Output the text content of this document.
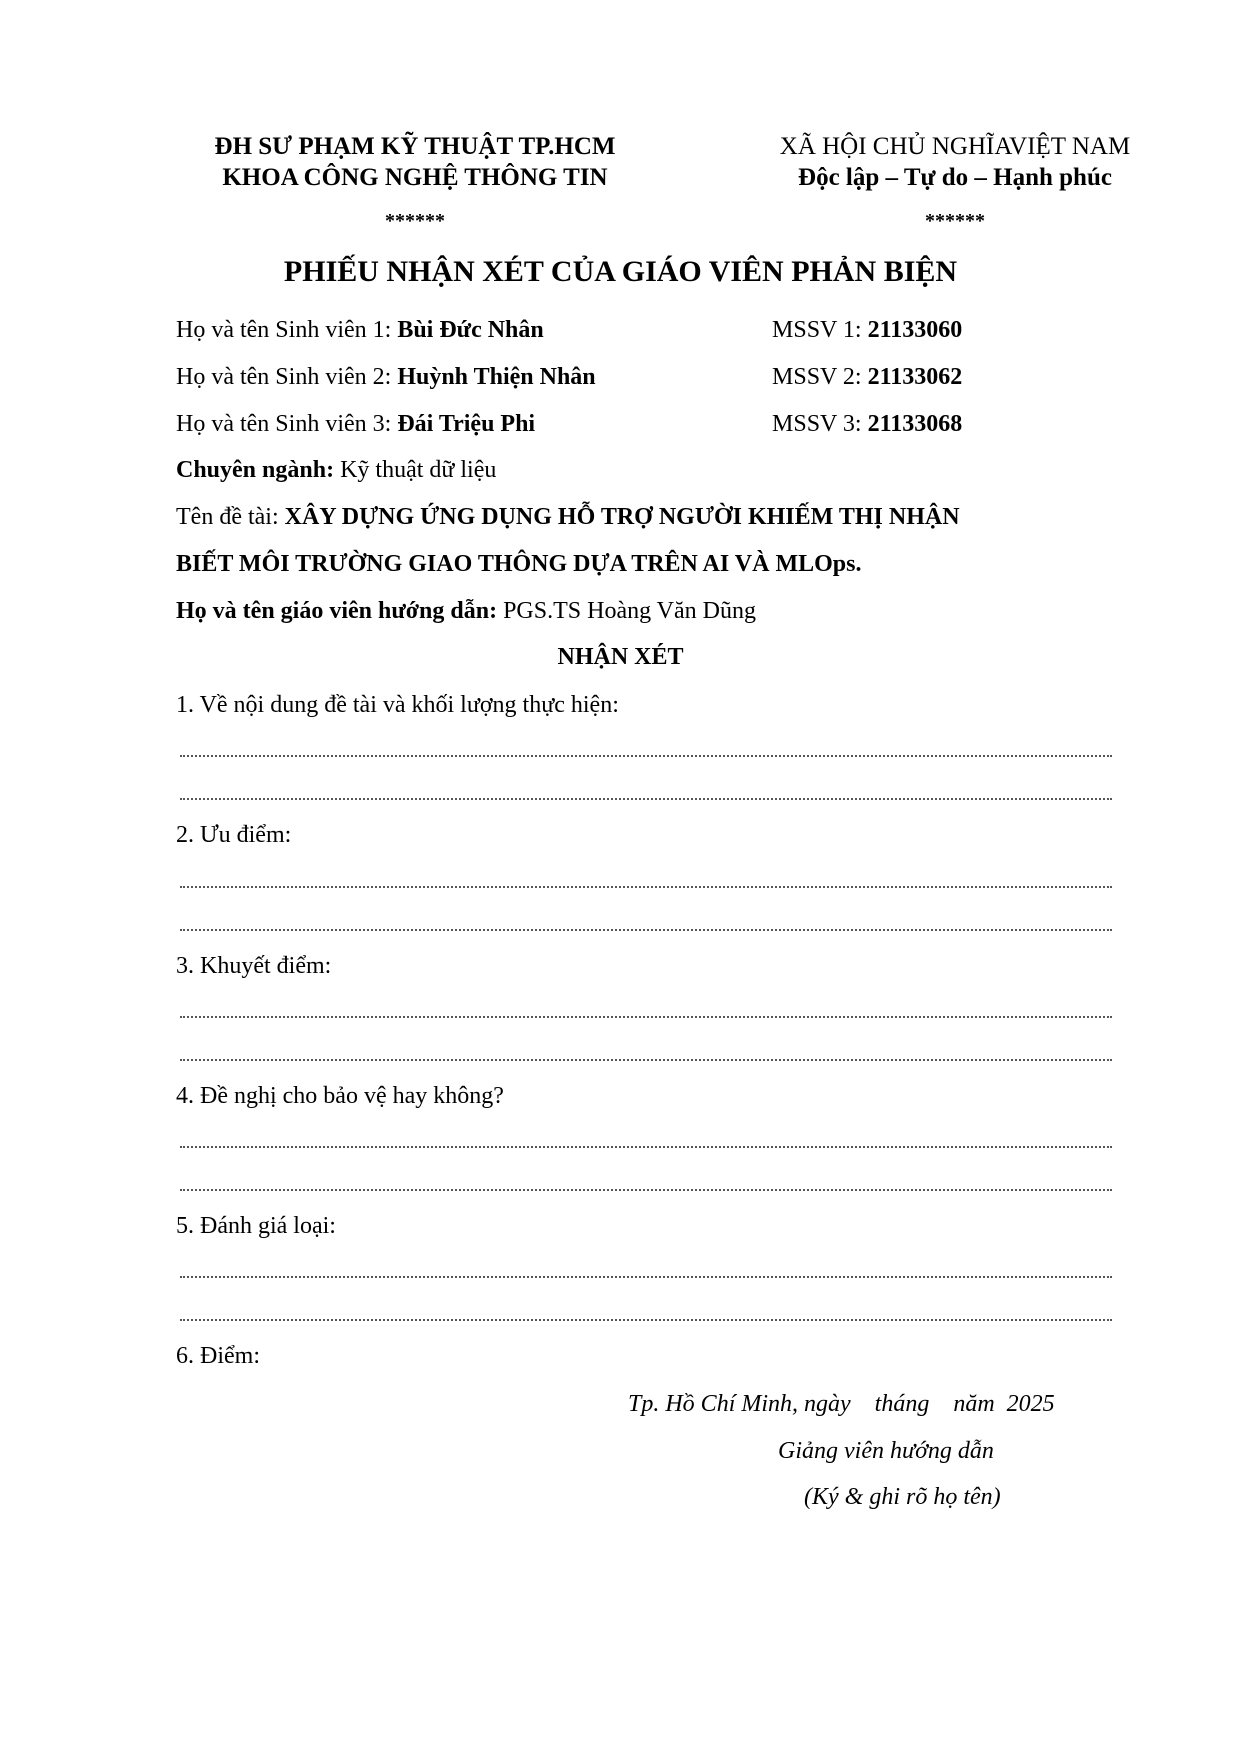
ĐH SƯ PHẠM KỸ THUẬT TP.HCM
KHOA CÔNG NGHỆ THÔNG TIN
******
XÃ HỘI CHỦ NGHĨAVIỆT NAM
Độc lập – Tự do – Hạnh phúc
******
PHIẾU NHẬN XÉT CỦA GIÁO VIÊN PHẢN BIỆN
Họ và tên Sinh viên 1: Bùi Đức Nhân	MSSV 1: 21133060
Họ và tên Sinh viên 2: Huỳnh Thiện Nhân	MSSV 2: 21133062
Họ và tên Sinh viên 3: Đái Triệu Phi	MSSV 3: 21133068
Chuyên ngành: Kỹ thuật dữ liệu
Tên đề tài: XÂY DỰNG ỨNG DỤNG HỖ TRỢ NGƯỜI KHIẾM THỊ NHẬN
BIẾT MÔI TRƯỜNG GIAO THÔNG DỰA TRÊN AI VÀ MLOps.
Họ và tên giáo viên hướng dẫn: PGS.TS Hoàng Văn Dũng
NHẬN XÉT
1. Về nội dung đề tài và khối lượng thực hiện:
2. Ưu điểm:
3. Khuyết điểm:
4. Đề nghị cho bảo vệ hay không?
5. Đánh giá loại:
6. Điểm:
Tp. Hồ Chí Minh, ngày    tháng    năm  2025
Giảng viên hướng dẫn
(Ký & ghi rõ họ tên)
